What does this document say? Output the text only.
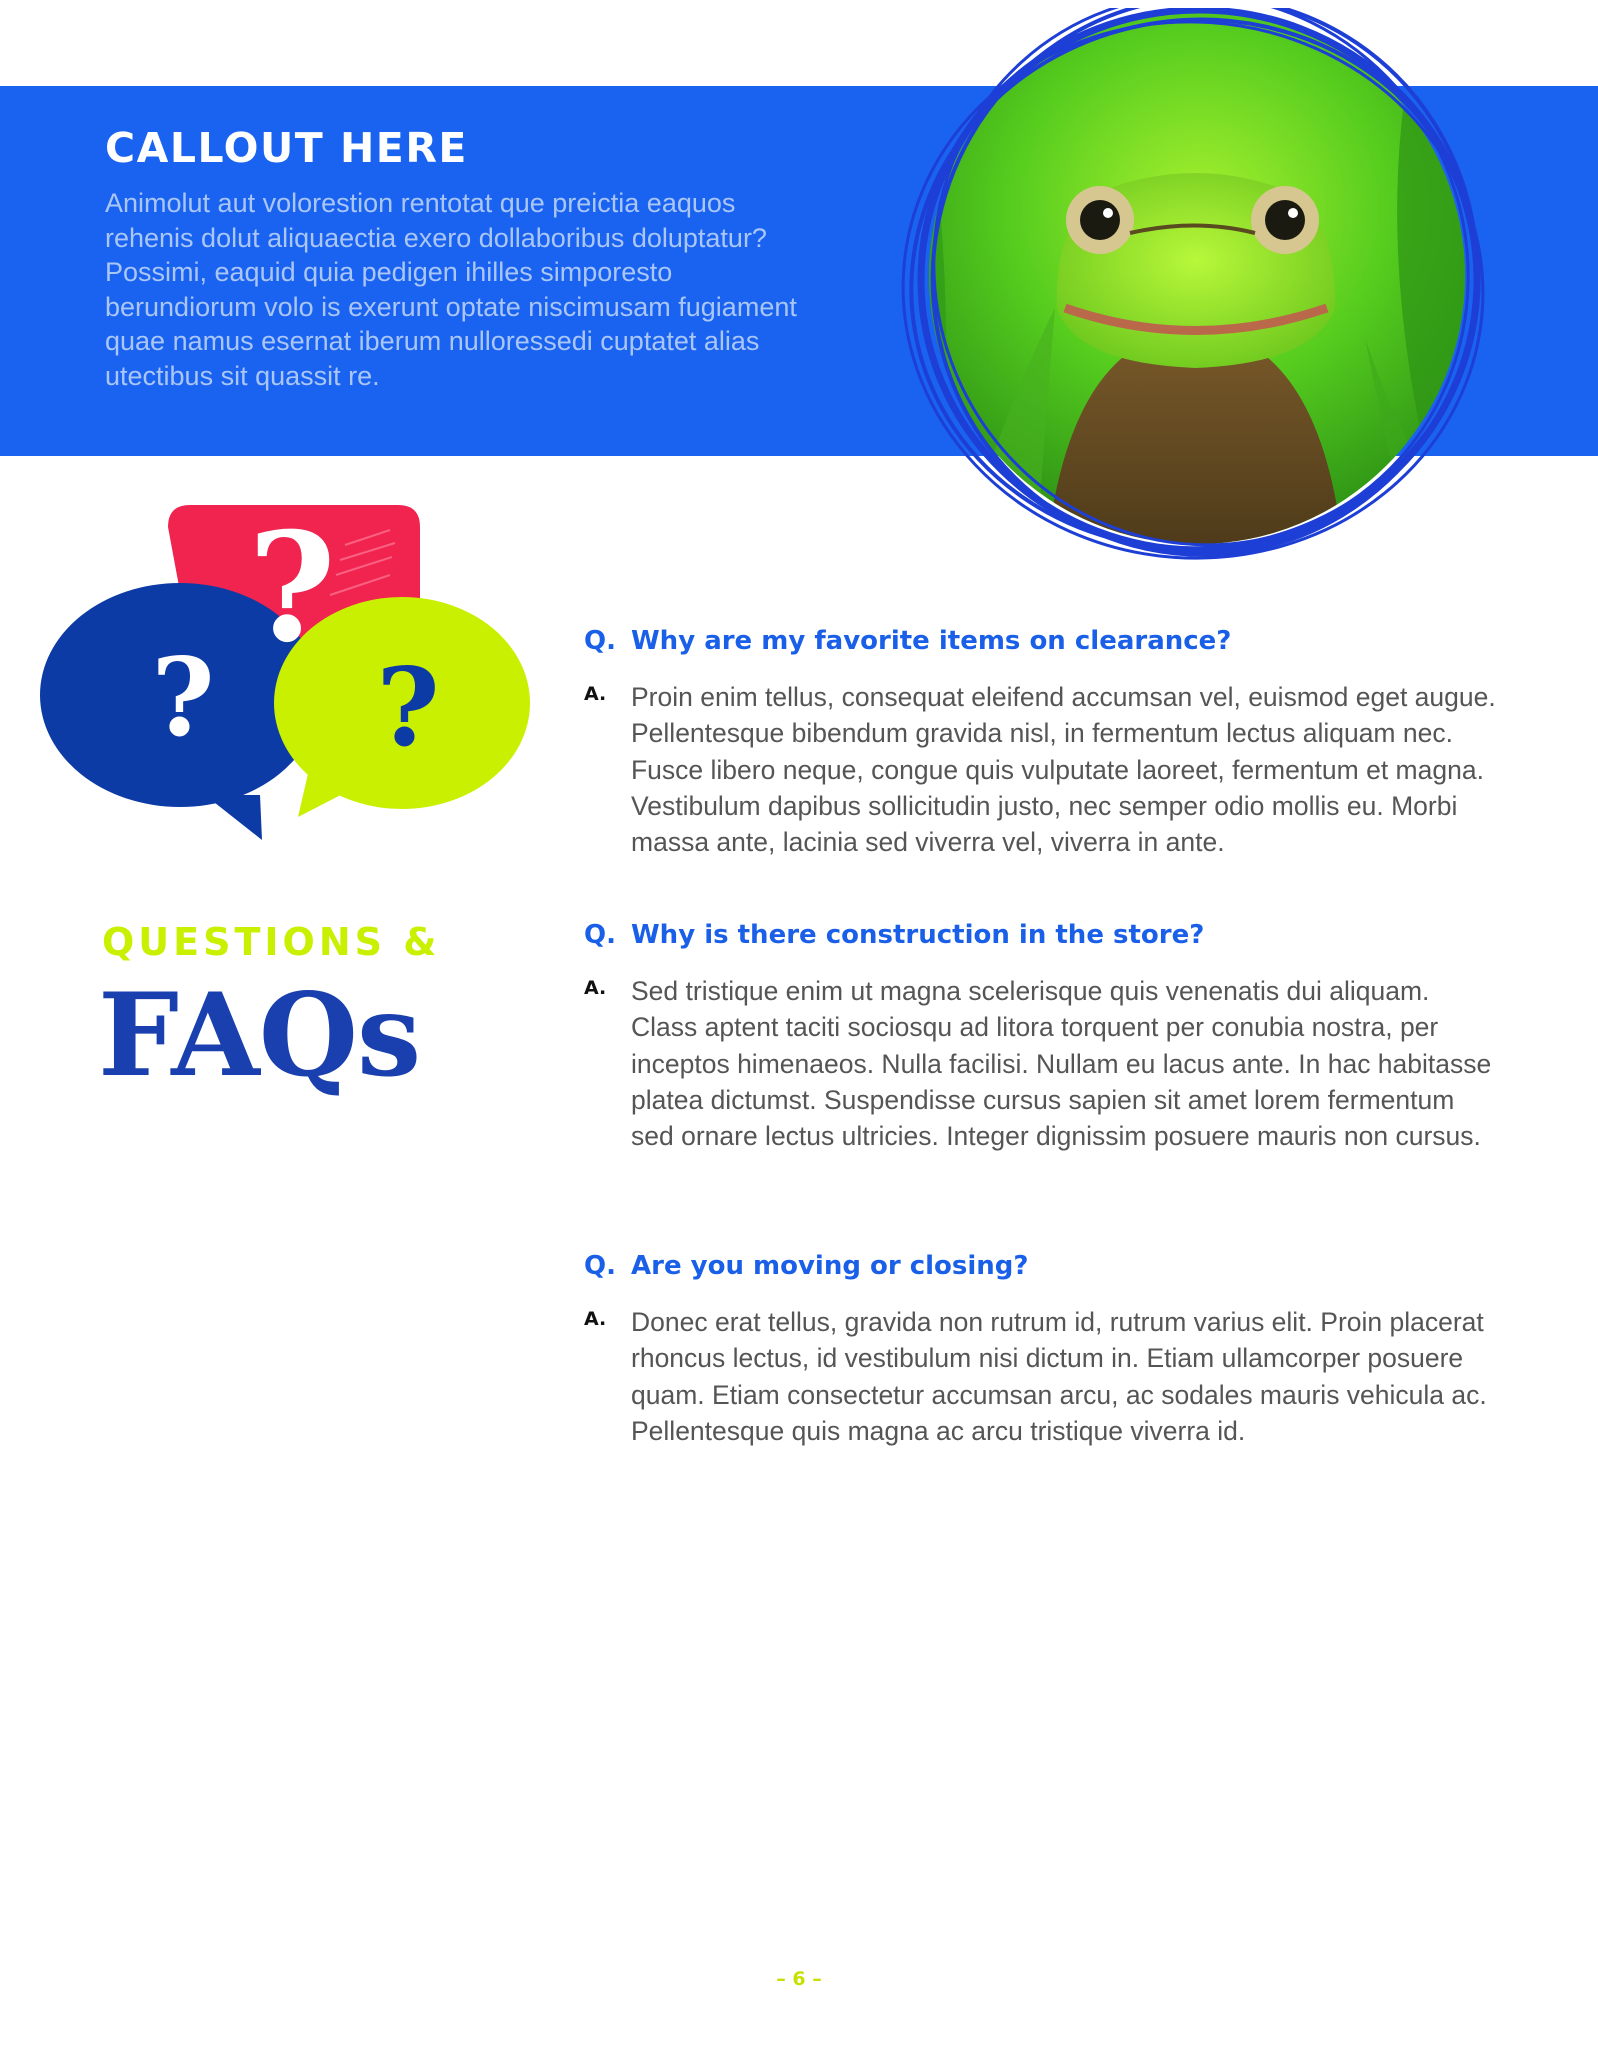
CALLOUT HERE
Animolut aut volorestion rentotat que preictia eaquos rehenis dolut aliquaectia exero dollaboribus doluptatur? Possimi, eaquid quia pedigen ihilles simporesto berundiorum volo is exerunt optate niscimusam fugiament quae namus esernat iberum nulloressedi cuptatet alias utectibus sit quassit re.
?
? ?
QUESTIONS &
FAQs
Q. Why are my favorite items on clearance?
A. Proin enim tellus, consequat eleifend accumsan vel, euismod eget augue. Pellentesque bibendum gravida nisl, in fermentum lectus aliquam nec. Fusce libero neque, congue quis vulputate laoreet, fermentum et magna. Vestibulum dapibus sollicitudin justo, nec semper odio mollis eu. Morbi massa ante, lacinia sed viverra vel, viverra in ante.
Q. Why is there construction in the store?
A. Sed tristique enim ut magna scelerisque quis venenatis dui aliquam. Class aptent taciti sociosqu ad litora torquent per conubia nostra, per inceptos himenaeos. Nulla facilisi. Nullam eu lacus ante. In hac habitasse platea dictumst. Suspendisse cursus sapien sit amet lorem fermentum sed ornare lectus ultricies. Integer dignissim posuere mauris non cursus.
Q. Are you moving or closing?
A. Donec erat tellus, gravida non rutrum id, rutrum varius elit. Proin placerat rhoncus lectus, id vestibulum nisi dictum in. Etiam ullamcorper posuere quam. Etiam consectetur accumsan arcu, ac sodales mauris vehicula ac. Pellentesque quis magna ac arcu tristique viverra id.
– 6 –
